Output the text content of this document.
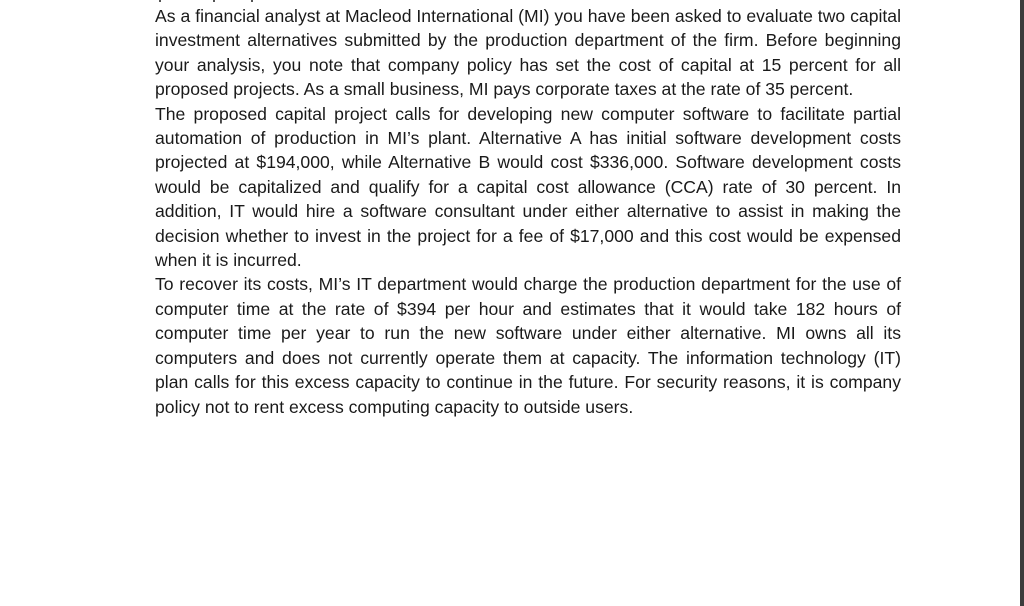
As a financial analyst at Macleod International (MI) you have been asked to evaluate two capital investment alternatives submitted by the production department of the firm. Before beginning your analysis, you note that company policy has set the cost of capital at 15 percent for all proposed projects. As a small business, MI pays corporate taxes at the rate of 35 percent.

The proposed capital project calls for developing new computer software to facilitate partial automation of production in MI’s plant. Alternative A has initial software development costs projected at $194,000, while Alternative B would cost $336,000. Software development costs would be capitalized and qualify for a capital cost allowance (CCA) rate of 30 percent. In addition, IT would hire a software consultant under either alternative to assist in making the decision whether to invest in the project for a fee of $17,000 and this cost would be expensed when it is incurred.

To recover its costs, MI’s IT department would charge the production department for the use of computer time at the rate of $394 per hour and estimates that it would take 182 hours of computer time per year to run the new software under either alternative. MI owns all its computers and does not currently operate them at capacity. The information technology (IT) plan calls for this excess capacity to continue in the future. For security reasons, it is company policy not to rent excess computing capacity to outside users.
